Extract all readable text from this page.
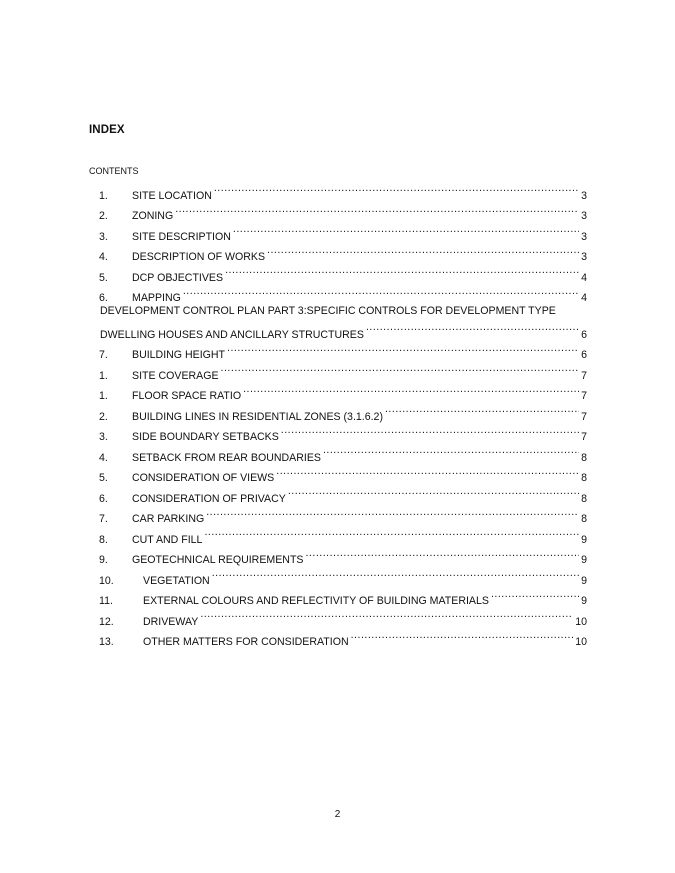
INDEX
CONTENTS
1. SITE LOCATION .....	3
2. ZONING .....	3
3. SITE DESCRIPTION .....	3
4. DESCRIPTION OF WORKS .....	3
5. DCP OBJECTIVES .....	4
6. MAPPING .....	4
DEVELOPMENT CONTROL PLAN PART 3:SPECIFIC CONTROLS FOR DEVELOPMENT TYPE
DWELLING HOUSES AND ANCILLARY STRUCTURES .....	6
7. BUILDING HEIGHT .....	6
1. SITE COVERAGE .....	7
1. FLOOR SPACE RATIO .....	7
2. BUILDING LINES IN RESIDENTIAL ZONES (3.1.6.2) .....	7
3. SIDE BOUNDARY SETBACKS .....	7
4. SETBACK FROM REAR BOUNDARIES .....	8
5. CONSIDERATION OF VIEWS .....	8
6. CONSIDERATION OF PRIVACY .....	8
7. CAR PARKING .....	8
8. CUT AND FILL .....	9
9. GEOTECHNICAL REQUIREMENTS .....	9
10.	VEGETATION .....	9
11.	EXTERNAL COLOURS AND REFLECTIVITY OF BUILDING MATERIALS .....	9
12.	DRIVEWAY .....	10
13.	OTHER MATTERS FOR CONSIDERATION .....	10
2
